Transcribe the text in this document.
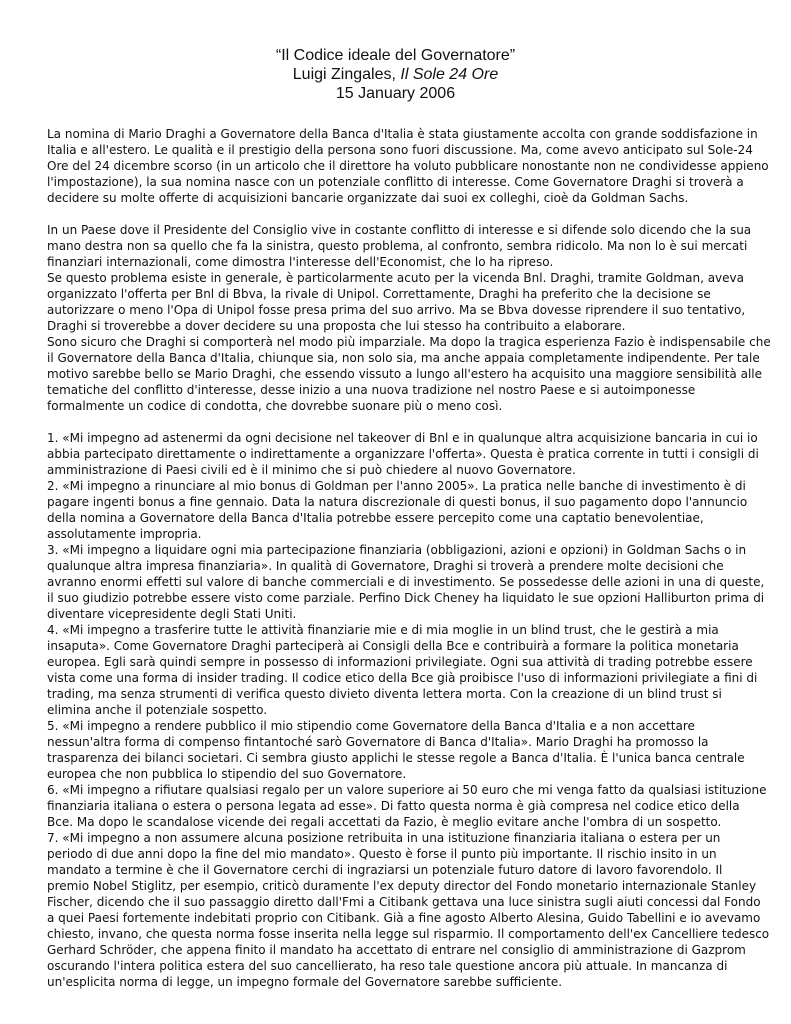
“Il Codice ideale del Governatore”
Luigi Zingales, Il Sole 24 Ore
15 January 2006
La nomina di Mario Draghi a Governatore della Banca d'Italia è stata giustamente accolta con grande soddisfazione in
Italia e all'estero. Le qualità e il prestigio della persona sono fuori discussione. Ma, come avevo anticipato sul Sole-24
Ore del 24 dicembre scorso (in un articolo che il direttore ha voluto pubblicare nonostante non ne condividesse appieno
l'impostazione), la sua nomina nasce con un potenziale conflitto di interesse. Come Governatore Draghi si troverà a
decidere su molte offerte di acquisizioni bancarie organizzate dai suoi ex colleghi, cioè da Goldman Sachs.
In un Paese dove il Presidente del Consiglio vive in costante conflitto di interesse e si difende solo dicendo che la sua
mano destra non sa quello che fa la sinistra, questo problema, al confronto, sembra ridicolo. Ma non lo è sui mercati
finanziari internazionali, come dimostra l'interesse dell'Economist, che lo ha ripreso.
Se questo problema esiste in generale, è particolarmente acuto per la vicenda Bnl. Draghi, tramite Goldman, aveva
organizzato l'offerta per Bnl di Bbva, la rivale di Unipol. Correttamente, Draghi ha preferito che la decisione se
autorizzare o meno l'Opa di Unipol fosse presa prima del suo arrivo. Ma se Bbva dovesse riprendere il suo tentativo,
Draghi si troverebbe a dover decidere su una proposta che lui stesso ha contribuito a elaborare.
Sono sicuro che Draghi si comporterà nel modo più imparziale. Ma dopo la tragica esperienza Fazio è indispensabile che
il Governatore della Banca d'Italia, chiunque sia, non solo sia, ma anche appaia completamente indipendente. Per tale
motivo sarebbe bello se Mario Draghi, che essendo vissuto a lungo all'estero ha acquisito una maggiore sensibilità alle
tematiche del conflitto d'interesse, desse inizio a una nuova tradizione nel nostro Paese e si autoimponesse
formalmente un codice di condotta, che dovrebbe suonare più o meno così.
1. «Mi impegno ad astenermi da ogni decisione nel takeover di Bnl e in qualunque altra acquisizione bancaria in cui io
abbia partecipato direttamente o indirettamente a organizzare l'offerta». Questa è pratica corrente in tutti i consigli di
amministrazione di Paesi civili ed è il minimo che si può chiedere al nuovo Governatore.
2. «Mi impegno a rinunciare al mio bonus di Goldman per l'anno 2005». La pratica nelle banche di investimento è di
pagare ingenti bonus a fine gennaio. Data la natura discrezionale di questi bonus, il suo pagamento dopo l'annuncio
della nomina a Governatore della Banca d'Italia potrebbe essere percepito come una captatio benevolentiae,
assolutamente impropria.
3. «Mi impegno a liquidare ogni mia partecipazione finanziaria (obbligazioni, azioni e opzioni) in Goldman Sachs o in
qualunque altra impresa finanziaria». In qualità di Governatore, Draghi si troverà a prendere molte decisioni che
avranno enormi effetti sul valore di banche commerciali e di investimento. Se possedesse delle azioni in una di queste,
il suo giudizio potrebbe essere visto come parziale. Perfino Dick Cheney ha liquidato le sue opzioni Halliburton prima di
diventare vicepresidente degli Stati Uniti.
4. «Mi impegno a trasferire tutte le attività finanziarie mie e di mia moglie in un blind trust, che le gestirà a mia
insaputa». Come Governatore Draghi parteciperà ai Consigli della Bce e contribuirà a formare la politica monetaria
europea. Egli sarà quindi sempre in possesso di informazioni privilegiate. Ogni sua attività di trading potrebbe essere
vista come una forma di insider trading. Il codice etico della Bce già proibisce l'uso di informazioni privilegiate a fini di
trading, ma senza strumenti di verifica questo divieto diventa lettera morta. Con la creazione di un blind trust si
elimina anche il potenziale sospetto.
5. «Mi impegno a rendere pubblico il mio stipendio come Governatore della Banca d'Italia e a non accettare
nessun'altra forma di compenso fintantoché sarò Governatore di Banca d'Italia». Mario Draghi ha promosso la
trasparenza dei bilanci societari. Ci sembra giusto applichi le stesse regole a Banca d'Italia. È l'unica banca centrale
europea che non pubblica lo stipendio del suo Governatore.
6. «Mi impegno a rifiutare qualsiasi regalo per un valore superiore ai 50 euro che mi venga fatto da qualsiasi istituzione
finanziaria italiana o estera o persona legata ad esse». Di fatto questa norma è già compresa nel codice etico della
Bce. Ma dopo le scandalose vicende dei regali accettati da Fazio, è meglio evitare anche l'ombra di un sospetto.
7. «Mi impegno a non assumere alcuna posizione retribuita in una istituzione finanziaria italiana o estera per un
periodo di due anni dopo la fine del mio mandato». Questo è forse il punto più importante. Il rischio insito in un
mandato a termine è che il Governatore cerchi di ingraziarsi un potenziale futuro datore di lavoro favorendolo. Il
premio Nobel Stiglitz, per esempio, criticò duramente l'ex deputy director del Fondo monetario internazionale Stanley
Fischer, dicendo che il suo passaggio diretto dall'Fmi a Citibank gettava una luce sinistra sugli aiuti concessi dal Fondo
a quei Paesi fortemente indebitati proprio con Citibank. Già a fine agosto Alberto Alesina, Guido Tabellini e io avevamo
chiesto, invano, che questa norma fosse inserita nella legge sul risparmio. Il comportamento dell'ex Cancelliere tedesco
Gerhard Schröder, che appena finito il mandato ha accettato di entrare nel consiglio di amministrazione di Gazprom
oscurando l'intera politica estera del suo cancellierato, ha reso tale questione ancora più attuale. In mancanza di
un'esplicita norma di legge, un impegno formale del Governatore sarebbe sufficiente.
